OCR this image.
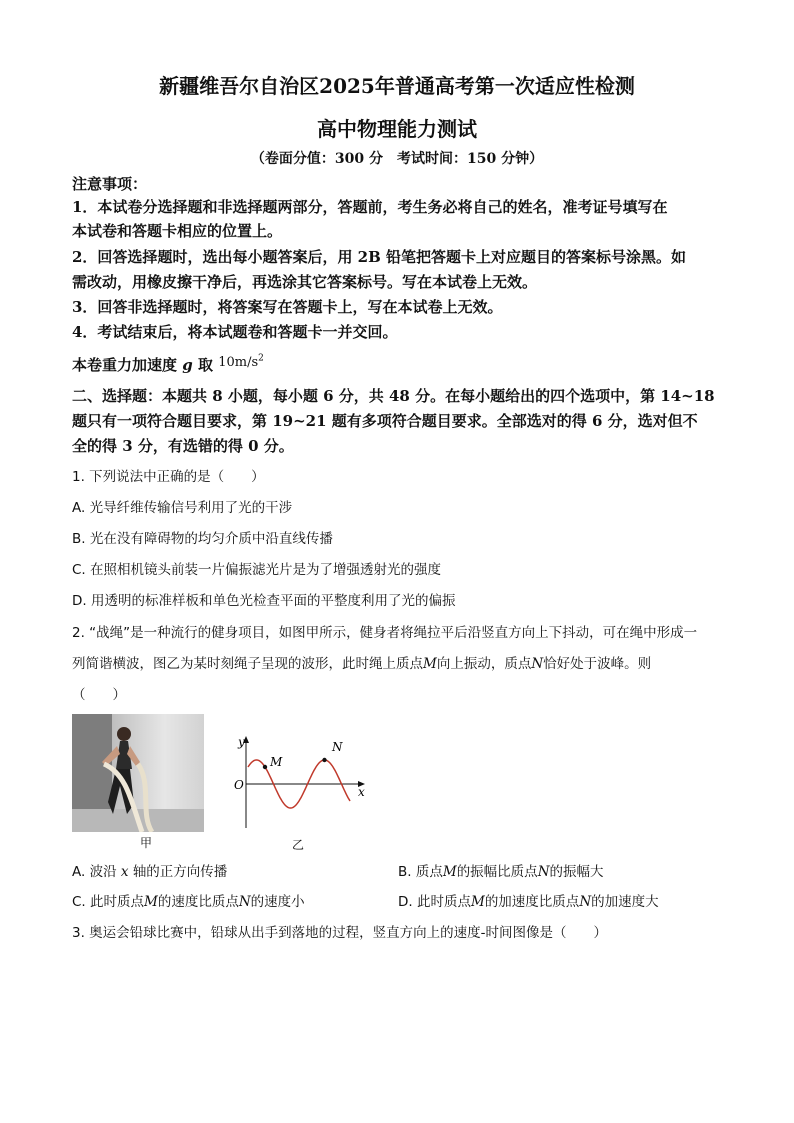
新疆维吾尔自治区2025年普通高考第一次适应性检测
高中物理能力测试
（卷面分值：300 分　考试时间：150 分钟）
注意事项：
1．本试卷分选择题和非选择题两部分，答题前，考生务必将自己的姓名，准考证号填写在
本试卷和答题卡相应的位置上。
2．回答选择题时，选出每小题答案后，用 2B 铅笔把答题卡上对应题目的答案标号涂黑。如
需改动，用橡皮擦干净后，再选涂其它答案标号。写在本试卷上无效。
3．回答非选择题时，将答案写在答题卡上，写在本试卷上无效。
4．考试结束后，将本试题卷和答题卡一并交回。
本卷重力加速度 g 取 $10m/s^2$
二、选择题：本题共 8 小题，每小题 6 分，共 48 分。在每小题给出的四个选项中，第 14~18
题只有一项符合题目要求，第 19~21 题有多项符合题目要求。全部选对的得 6 分，选对但不
全的得 3 分，有选错的得 0 分。
1. 下列说法中正确的是（　　）
A. 光导纤维传输信号利用了光的干涉
B. 光在没有障碍物的均匀介质中沿直线传播
C. 在照相机镜头前装一片偏振滤光片是为了增强透射光的强度
D. 用透明的标准样板和单色光检查平面的平整度利用了光的偏振
2. “战绳”是一种流行的健身项目，如图甲所示，健身者将绳拉平后沿竖直方向上下抖动，可在绳中形成一
列简谐横波，图乙为某时刻绳子呈现的波形，此时绳上质点M向上振动，质点N恰好处于波峰。则
（　　）
甲
y
x
O
M
N
乙
A. 波沿 x 轴的正方向传播	B. 质点M的振幅比质点N的振幅大
C. 此时质点M的速度比质点N的速度小	D. 此时质点M的加速度比质点N的加速度大
3. 奥运会铅球比赛中，铅球从出手到落地的过程，竖直方向上的速度-时间图像是（　　）
